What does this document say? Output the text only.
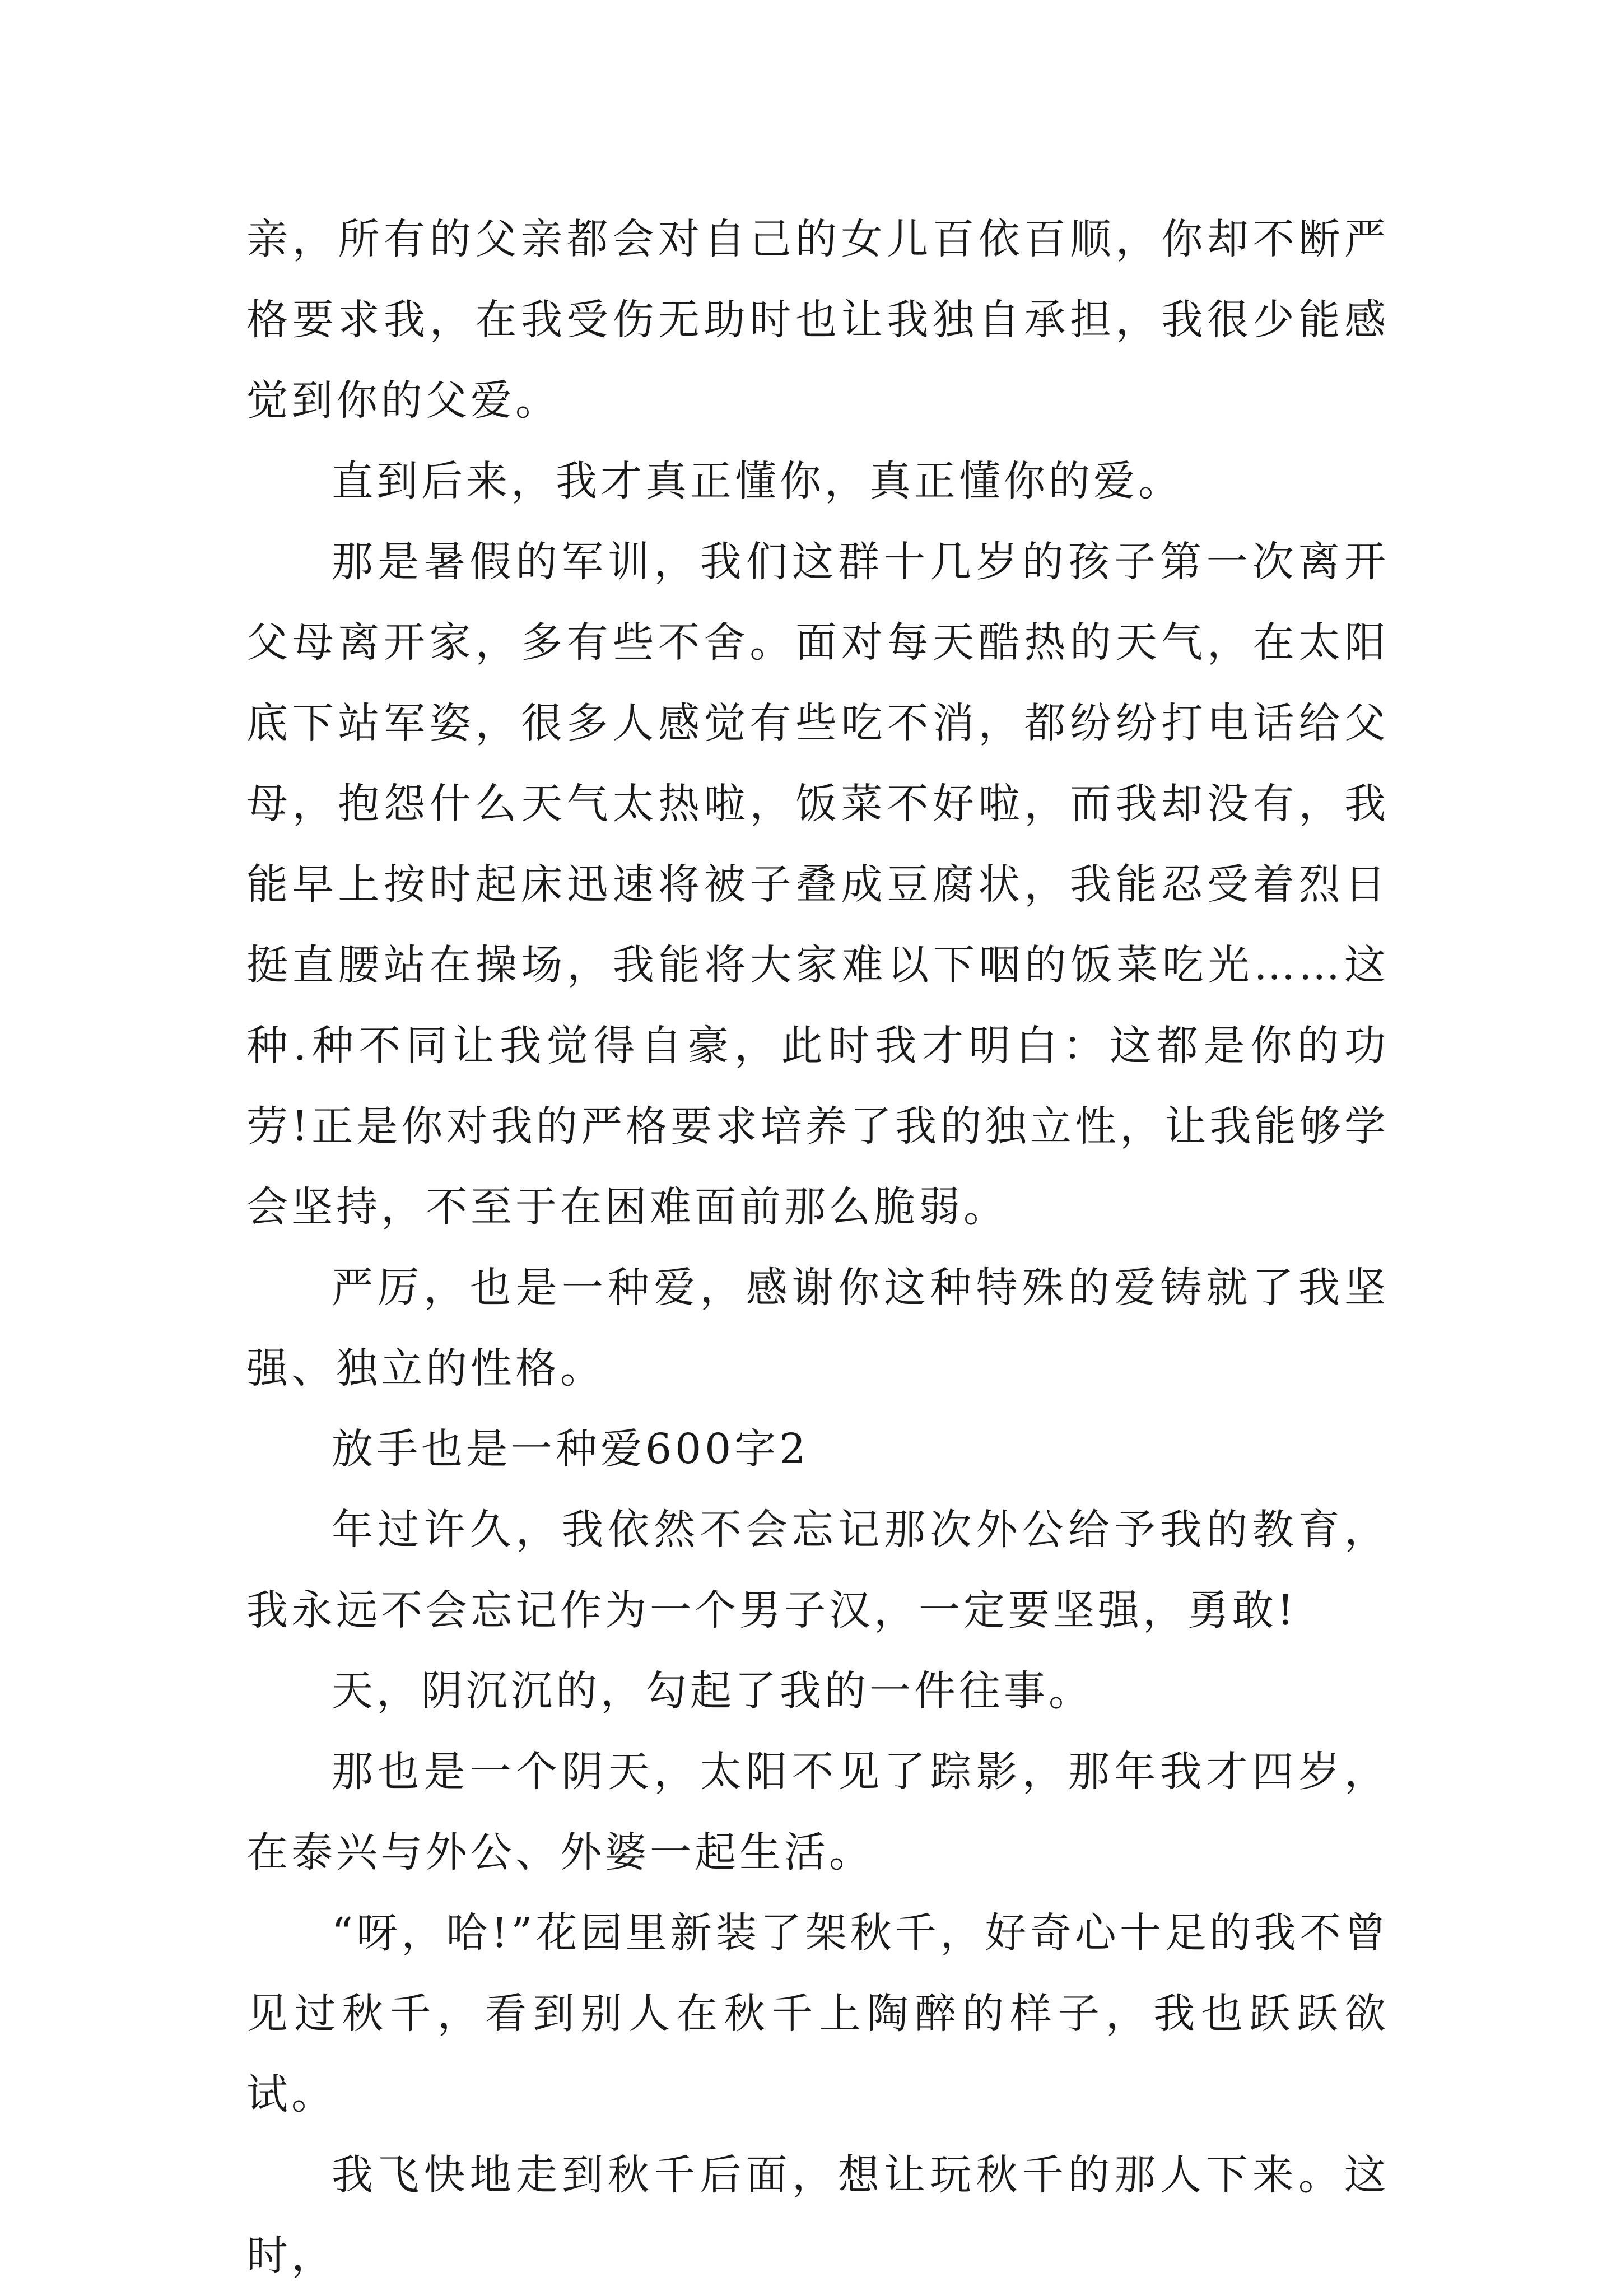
亲，所有的父亲都会对自己的女儿百依百顺，你却不断严格要求我，在我受伤无助时也让我独自承担，我很少能感觉到你的父爱。

直到后来，我才真正懂你，真正懂你的爱。

那是暑假的军训，我们这群十几岁的孩子第一次离开父母离开家，多有些不舍。面对每天酷热的天气，在太阳底下站军姿，很多人感觉有些吃不消，都纷纷打电话给父母，抱怨什么天气太热啦，饭菜不好啦，而我却没有，我能早上按时起床迅速将被子叠成豆腐状，我能忍受着烈日挺直腰站在操场，我能将大家难以下咽的饭菜吃光……这种.种不同让我觉得自豪，此时我才明白：这都是你的功劳!正是你对我的严格要求培养了我的独立性，让我能够学会坚持，不至于在困难面前那么脆弱。

严厉，也是一种爱，感谢你这种特殊的爱铸就了我坚强、独立的性格。

放手也是一种爱600字2

年过许久，我依然不会忘记那次外公给予我的教育，我永远不会忘记作为一个男子汉，一定要坚强，勇敢!

天，阴沉沉的，勾起了我的一件往事。

那也是一个阴天，太阳不见了踪影，那年我才四岁，在泰兴与外公、外婆一起生活。

“呀，哈!”花园里新装了架秋千，好奇心十足的我不曾见过秋千，看到别人在秋千上陶醉的样子，我也跃跃欲试。

我飞快地走到秋千后面，想让玩秋千的那人下来。这时，
